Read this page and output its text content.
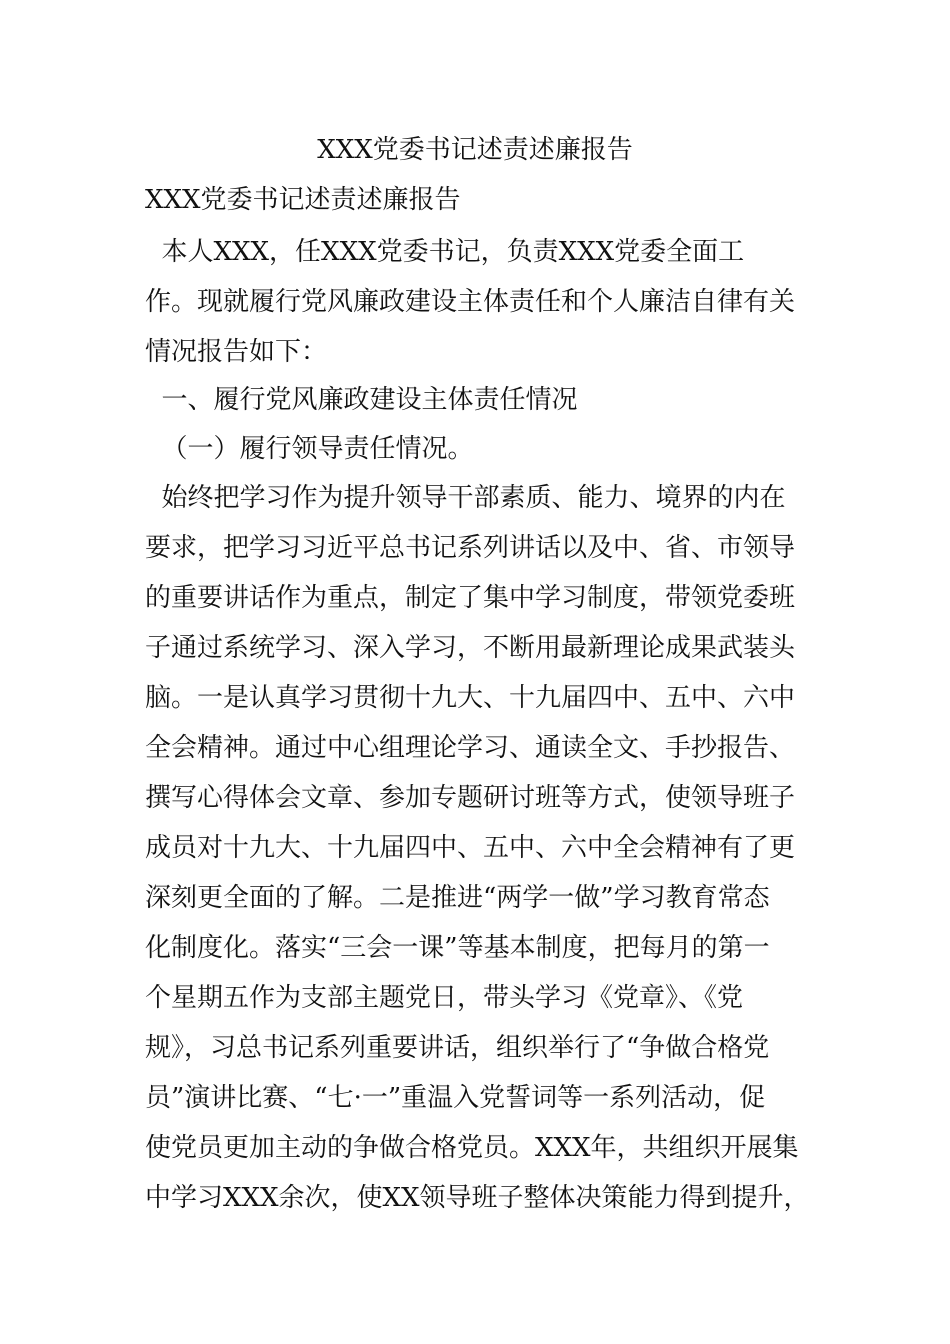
XXX党委书记述责述廉报告

XXX党委书记述责述廉报告

本人XXX，任XXX党委书记，负责XXX党委全面工

作。现就履行党风廉政建设主体责任和个人廉洁自律有关

情况报告如下：

一、履行党风廉政建设主体责任情况

（一）履行领导责任情况。

始终把学习作为提升领导干部素质、能力、境界的内在

要求，把学习习近平总书记系列讲话以及中、省、市领导

的重要讲话作为重点，制定了集中学习制度，带领党委班

子通过系统学习、深入学习，不断用最新理论成果武装头

脑。一是认真学习贯彻十九大、十九届四中、五中、六中

全会精神。通过中心组理论学习、通读全文、手抄报告、

撰写心得体会文章、参加专题研讨班等方式，使领导班子

成员对十九大、十九届四中、五中、六中全会精神有了更

深刻更全面的了解。二是推进“两学一做”学习教育常态

化制度化。落实“三会一课”等基本制度，把每月的第一

个星期五作为支部主题党日，带头学习《党章》、《党

规》，习总书记系列重要讲话，组织举行了“争做合格党

员”演讲比赛、“七·一”重温入党誓词等一系列活动，促

使党员更加主动的争做合格党员。XXX年，共组织开展集

中学习XXX余次，使XX领导班子整体决策能力得到提升，
